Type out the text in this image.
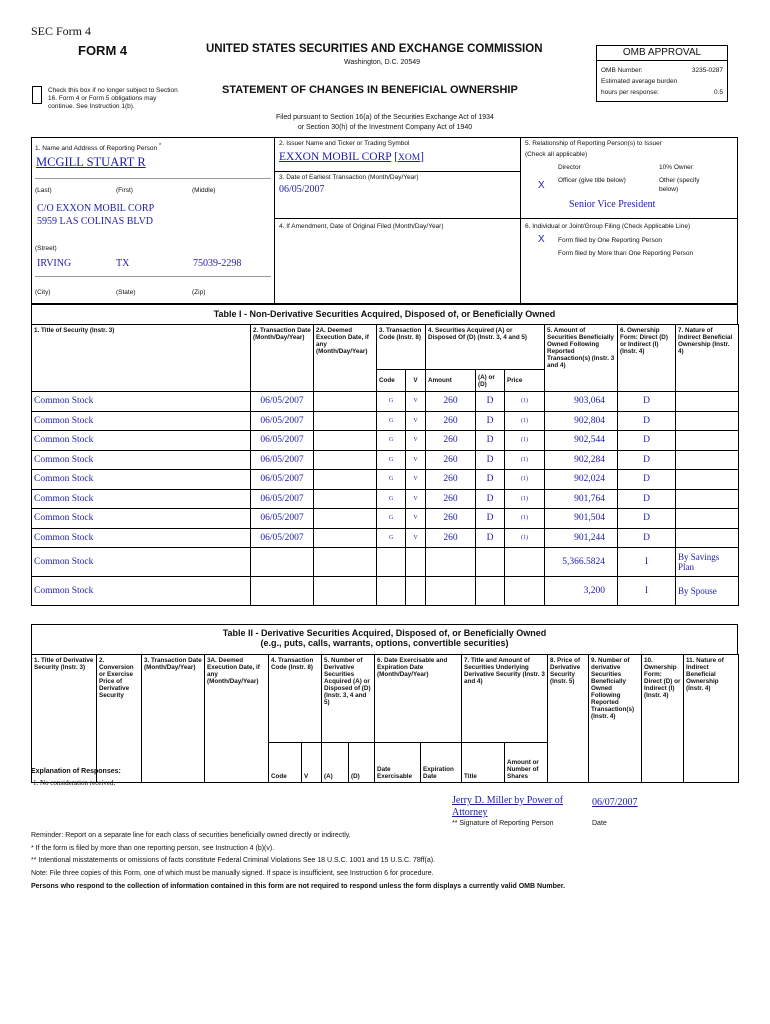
SEC Form 4
FORM 4	UNITED STATES SECURITIES AND EXCHANGE COMMISSION
Washington, D.C. 20549
STATEMENT OF CHANGES IN BENEFICIAL OWNERSHIP
Check this box if no longer subject to Section 16. Form 4 or Form 5 obligations may continue. See Instruction 1(b).
Filed pursuant to Section 16(a) of the Securities Exchange Act of 1934
or Section 30(h) of the Investment Company Act of 1940
OMB APPROVAL
OMB Number:	3235-0287
Estimated average burden
hours per response:	0.5
1. Name and Address of Reporting Person *
MCGILL STUART R
(Last)	(First)	(Middle)
C/O EXXON MOBIL CORP
5959 LAS COLINAS BLVD
(Street)
IRVING	TX	75039-2298
(City)	(State)	(Zip)
2. Issuer Name and Ticker or Trading Symbol
EXXON MOBIL CORP [XOM]
3. Date of Earliest Transaction (Month/Day/Year)
06/05/2007
4. If Amendment, Date of Original Filed (Month/Day/Year)
5. Relationship of Reporting Person(s) to Issuer
(Check all applicable)
Director	10% Owner
X Officer (give title below)	Other (specify below)
Senior Vice President
6. Individual or Joint/Group Filing (Check Applicable Line)
X Form filed by One Reporting Person
Form filed by More than One Reporting Person
Table I - Non-Derivative Securities Acquired, Disposed of, or Beneficially Owned
1. Title of Security (Instr. 3)	2. Transaction Date (Month/Day/Year)	2A. Deemed Execution Date, if any (Month/Day/Year)	3. Transaction Code (Instr. 8)		4. Securities Acquired (A) or Disposed Of (D) (Instr. 3, 4 and 5)			5. Amount of Securities Beneficially Owned Following Reported Transaction(s) (Instr. 3 and 4)	6. Ownership Form: Direct (D) or Indirect (I) (Instr. 4)	7. Nature of Indirect Beneficial Ownership (Instr. 4)
			Code	V	Amount	(A) or (D)	Price			
Common Stock	06/05/2007		G	V	260	D	(1)	903,064	D	
Common Stock	06/05/2007		G	V	260	D	(1)	902,804	D	
Common Stock	06/05/2007		G	V	260	D	(1)	902,544	D	
Common Stock	06/05/2007		G	V	260	D	(1)	902,284	D	
Common Stock	06/05/2007		G	V	260	D	(1)	902,024	D	
Common Stock	06/05/2007		G	V	260	D	(1)	901,764	D	
Common Stock	06/05/2007		G	V	260	D	(1)	901,504	D	
Common Stock	06/05/2007		G	V	260	D	(1)	901,244	D	
Common Stock								5,366.5824	I	By Savings Plan
Common Stock								3,200	I	By Spouse
Table II - Derivative Securities Acquired, Disposed of, or Beneficially Owned
(e.g., puts, calls, warrants, options, convertible securities)
1. Title of Derivative Security (Instr. 3)	2. Conversion or Exercise Price of Derivative Security	3. Transaction Date (Month/Day/Year)	3A. Deemed Execution Date, if any (Month/Day/Year)	4. Transaction Code (Instr. 8)		5. Number of Derivative Securities Acquired (A) or Disposed of (D) (Instr. 3, 4 and 5)		6. Date Exercisable and Expiration Date (Month/Day/Year)		7. Title and Amount of Securities Underlying Derivative Security (Instr. 3 and 4)		8. Price of Derivative Security (Instr. 5)	9. Number of derivative Securities Beneficially Owned Following Reported Transaction(s) (Instr. 4)	10. Ownership Form: Direct (D) or Indirect (I) (Instr. 4)	11. Nature of Indirect Beneficial Ownership (Instr. 4)
				Code	V	(A)	(D)	Date Exercisable	Expiration Date	Title	Amount or Number of Shares				
Explanation of Responses:
1. No consideration received.
Jerry D. Miller by Power of Attorney
06/07/2007
** Signature of Reporting Person	Date
Reminder: Report on a separate line for each class of securities beneficially owned directly or indirectly.
* If the form is filed by more than one reporting person, see Instruction 4 (b)(v).
** Intentional misstatements or omissions of facts constitute Federal Criminal Violations See 18 U.S.C. 1001 and 15 U.S.C. 78ff(a).
Note: File three copies of this Form, one of which must be manually signed. If space is insufficient, see Instruction 6 for procedure.
Persons who respond to the collection of information contained in this form are not required to respond unless the form displays a currently valid OMB Number.
